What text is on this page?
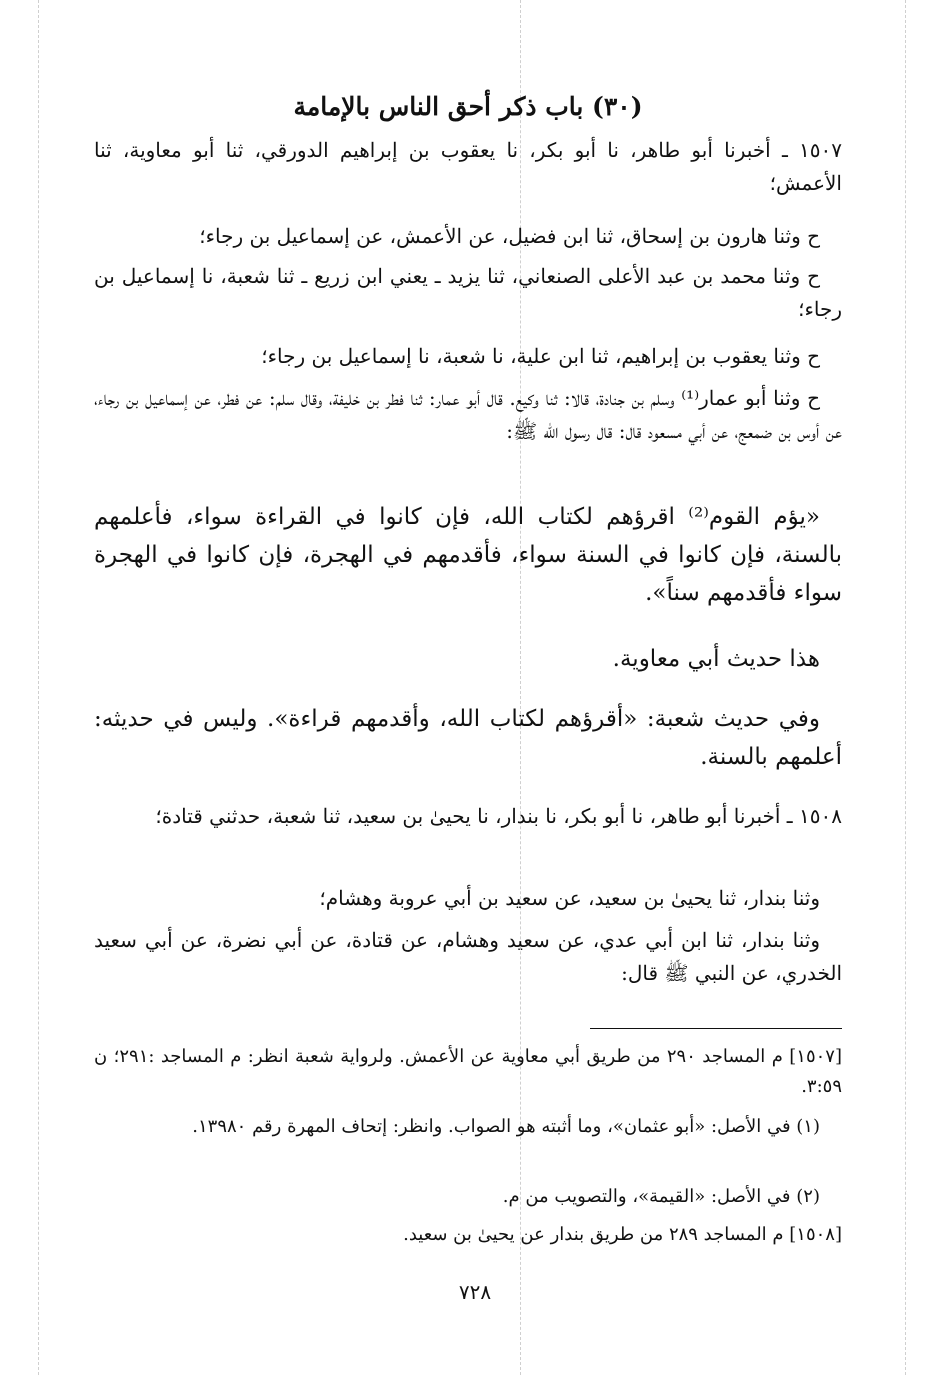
(٣٠) باب ذكر أحق الناس بالإمامة
١٥٠٧ ـ أخبرنا أبو طاهر، نا أبو بكر، نا يعقوب بن إبراهيم الدورقي، ثنا أبو معاوية، ثنا الأعمش؛
ح وثنا هارون بن إسحاق، ثنا ابن فضيل، عن الأعمش، عن إسماعيل بن رجاء؛
ح وثنا محمد بن عبد الأعلى الصنعاني، ثنا يزيد ـ يعني ابن زريع ـ ثنا شعبة، نا إسماعيل بن رجاء؛
ح وثنا يعقوب بن إبراهيم، ثنا ابن علية، نا شعبة، نا إسماعيل بن رجاء؛
ح وثنا أبو عمار⁽¹⁾ وسلم بن جنادة، قالا: ثنا وكيع. قال أبو عمار: ثنا فطر بن خليفة، وقال سلم: عن فطر، عن إسماعيل بن رجاء، عن أوس بن ضمعج، عن أبي مسعود قال: قال رسول الله ﷺ:
«يؤم القوم⁽²⁾ اقرؤهم لكتاب الله، فإن كانوا في القراءة سواء، فأعلمهم بالسنة، فإن كانوا في السنة سواء، فأقدمهم في الهجرة، فإن كانوا في الهجرة سواء فأقدمهم سناً».
هذا حديث أبي معاوية.
وفي حديث شعبة: «أقرؤهم لكتاب الله، وأقدمهم قراءة». وليس في حديثه: أعلمهم بالسنة.
١٥٠٨ ـ أخبرنا أبو طاهر، نا أبو بكر، نا بندار، نا يحيىٰ بن سعيد، ثنا شعبة، حدثني قتادة؛
وثنا بندار، ثنا يحيىٰ بن سعيد، عن سعيد بن أبي عروبة وهشام؛
وثنا بندار، ثنا ابن أبي عدي، عن سعيد وهشام، عن قتادة، عن أبي نضرة، عن أبي سعيد الخدري، عن النبي ﷺ قال:
[١٥٠٧] م المساجد ٢٩٠ من طريق أبي معاوية عن الأعمش. ولرواية شعبة انظر: م المساجد :٢٩١؛ ن ٣:٥٩.
(١) في الأصل: «أبو عثمان»، وما أثبته هو الصواب. وانظر: إتحاف المهرة رقم ١٣٩٨٠.
(٢) في الأصل: «القيمة»، والتصويب من م.
[١٥٠٨] م المساجد ٢٨٩ من طريق بندار عن يحيىٰ بن سعيد.
٧٢٨
